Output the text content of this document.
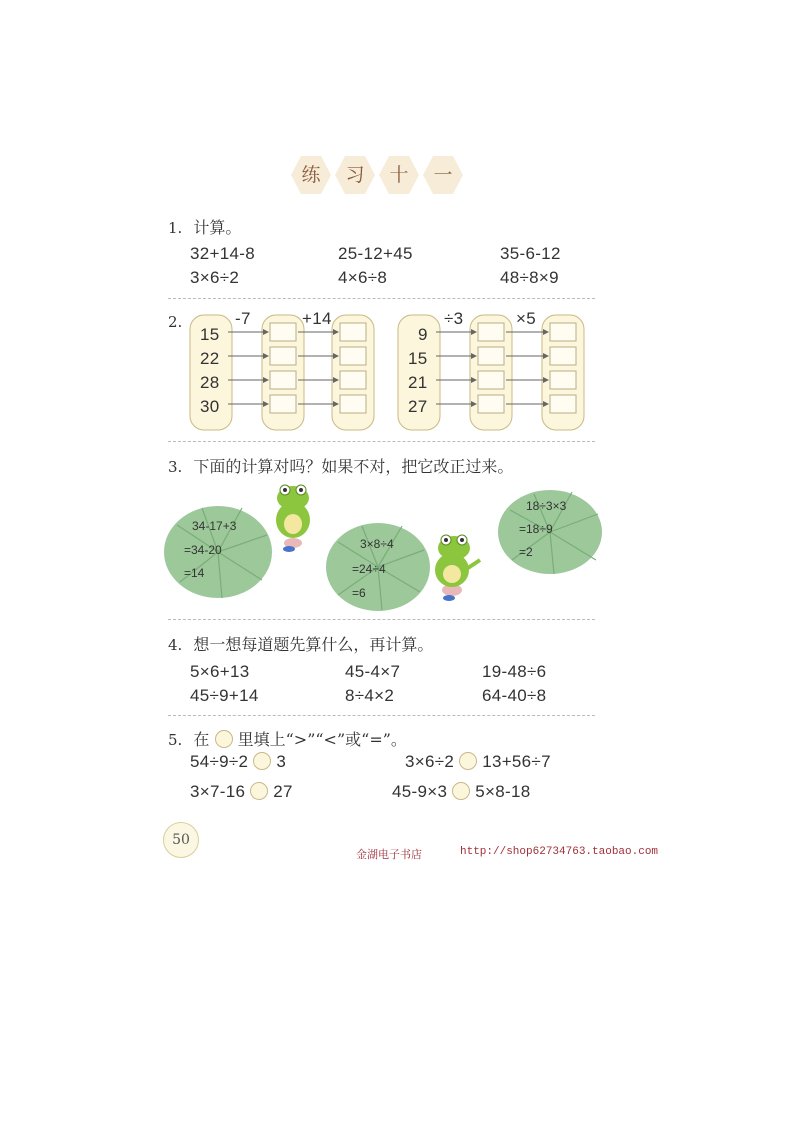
练	习	十	一
1. 计算。
32+14-8	25-12+45	35-6-12
3×6÷2	4×6÷8	48÷8×9
2.
15
22
28
30
-7	+14
9
15
21
27
÷3	×5
3. 下面的计算对吗？如果不对，把它改正过来。
34-17+3
=34-20
=14
3×8÷4
=24÷4
=6
18÷3×3
=18÷9
=2
4. 想一想每道题先算什么，再计算。
5×6+13	45-4×7	19-48÷6
45÷9+14	8÷4×2	64-40÷8
5. 在 里填上“>”“<”或“=”。
54÷9÷2 3	3×6÷2 13+56÷7
3×7-16 27	45-9×3 5×8-18
50
金湖电子书店	http://shop62734763.taobao.com
